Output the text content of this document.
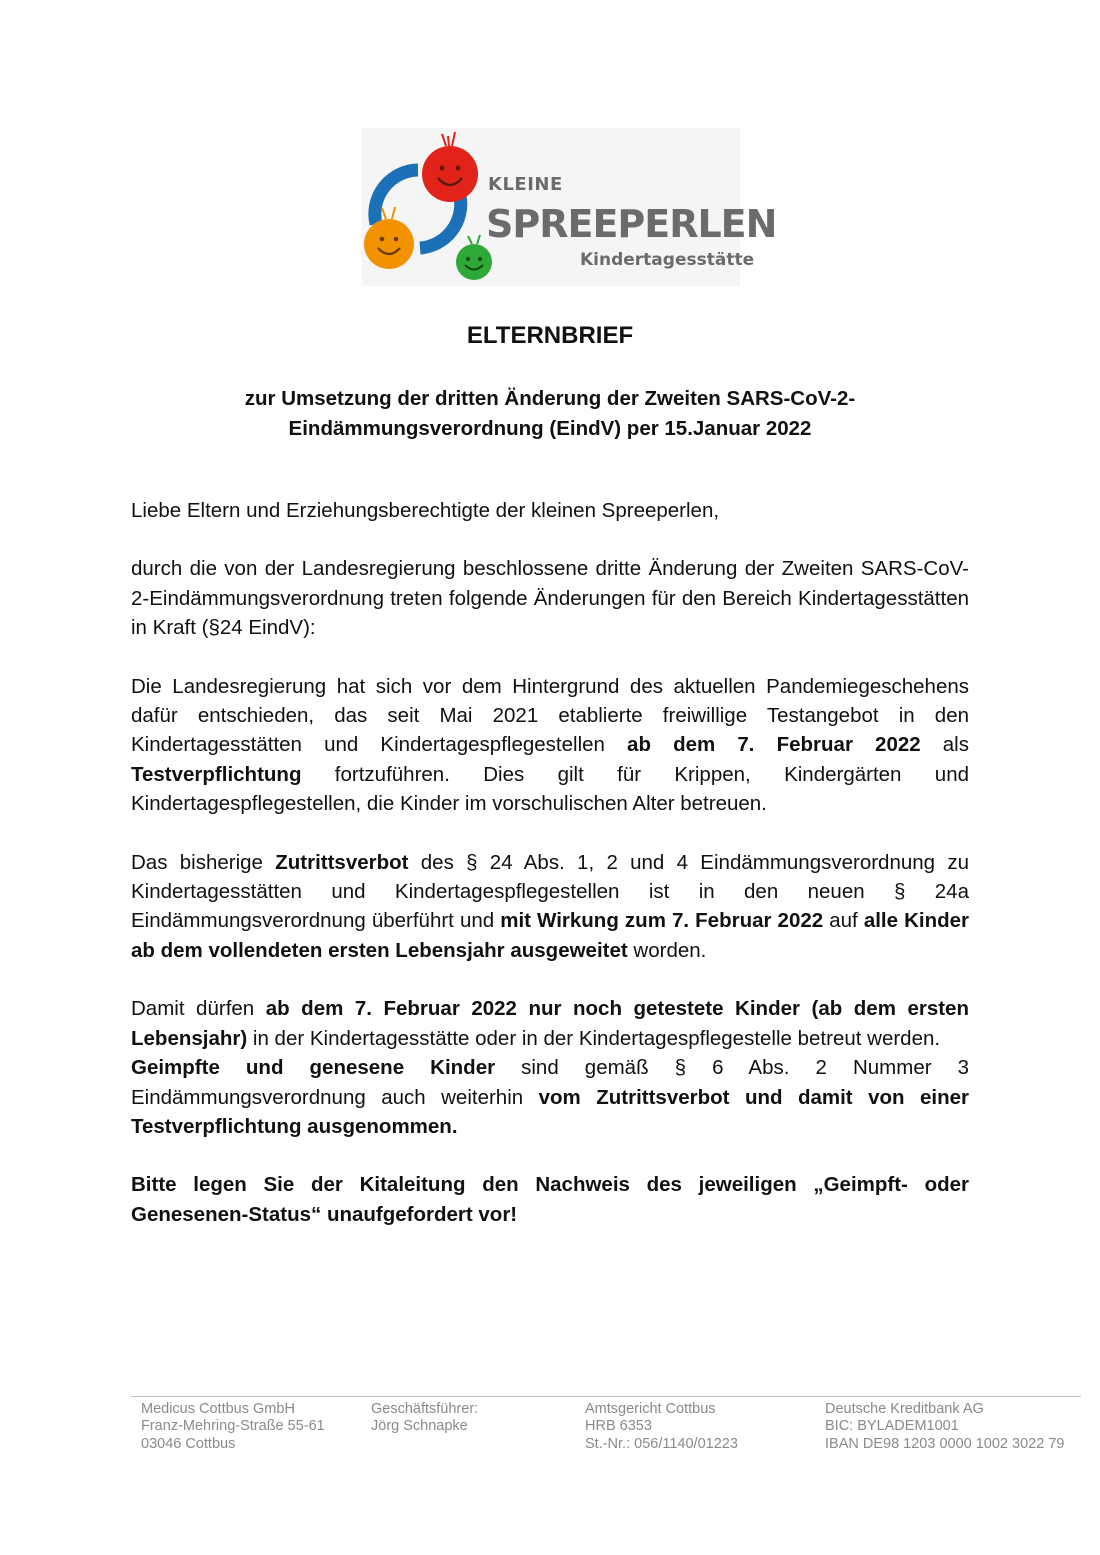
KLEINE
SPREEPERLEN
Kindertagesstätte
ELTERNBRIEF
zur Umsetzung der dritten Änderung der Zweiten SARS-CoV-2-
Eindämmungsverordnung (EindV) per 15.Januar 2022

Liebe Eltern und Erziehungsberechtigte der kleinen Spreeperlen,

durch die von der Landesregierung beschlossene dritte Änderung der Zweiten SARS-CoV-2-Eindämmungsverordnung treten folgende Änderungen für den Bereich Kindertagesstätten in Kraft (§24 EindV):

Die Landesregierung hat sich vor dem Hintergrund des aktuellen Pandemiegeschehens dafür entschieden, das seit Mai 2021 etablierte freiwillige Testangebot in den Kindertagesstätten und Kindertagespflegestellen ab dem 7. Februar 2022 als Testverpflichtung fortzuführen. Dies gilt für Krippen, Kindergärten und Kindertagespflegestellen, die Kinder im vorschulischen Alter betreuen.

Das bisherige Zutrittsverbot des § 24 Abs. 1, 2 und 4 Eindämmungsverordnung zu Kindertagesstätten und Kindertagespflegestellen ist in den neuen § 24a Eindämmungsverordnung überführt und mit Wirkung zum 7. Februar 2022 auf alle Kinder ab dem vollendeten ersten Lebensjahr ausgeweitet worden.

Damit dürfen ab dem 7. Februar 2022 nur noch getestete Kinder (ab dem ersten Lebensjahr) in der Kindertagesstätte oder in der Kindertagespflegestelle betreut werden.

Geimpfte und genesene Kinder sind gemäß § 6 Abs. 2 Nummer 3 Eindämmungsverordnung auch weiterhin vom Zutrittsverbot und damit von einer Testverpflichtung ausgenommen.

Bitte legen Sie der Kitaleitung den Nachweis des jeweiligen „Geimpft- oder Genesenen-Status“ unaufgefordert vor!

Medicus Cottbus GmbH
Franz-Mehring-Straße 55-61
03046 Cottbus
Geschäftsführer:
Jörg Schnapke
Amtsgericht Cottbus
HRB 6353
St.-Nr.: 056/1140/01223
Deutsche Kreditbank AG
BIC: BYLADEM1001
IBAN DE98 1203 0000 1002 3022 79
